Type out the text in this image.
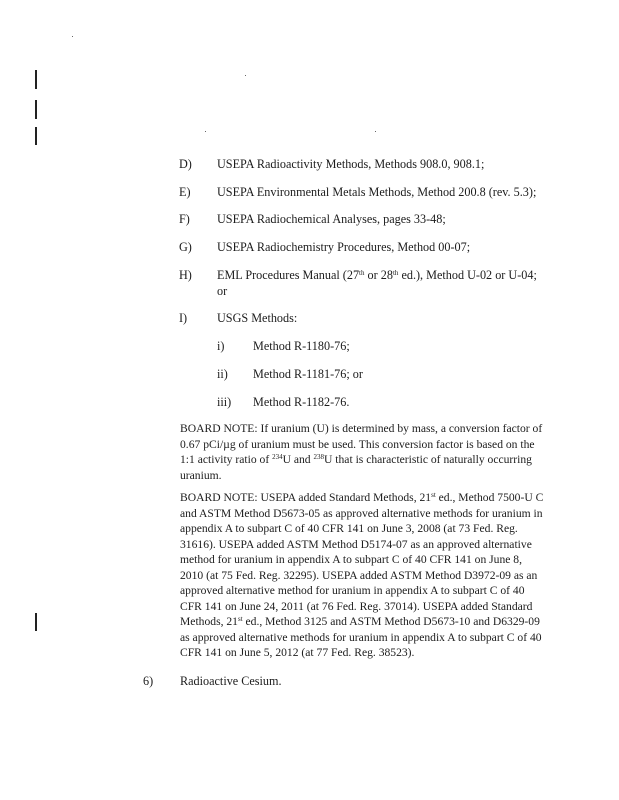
D) USEPA Radioactivity Methods, Methods 908.0, 908.1;
E) USEPA Environmental Metals Methods, Method 200.8 (rev. 5.3);
F) USEPA Radiochemical Analyses, pages 33-48;
G) USEPA Radiochemistry Procedures, Method 00-07;
H) EML Procedures Manual (27th or 28th ed.), Method U-02 or U-04;
or
I) USGS Methods:
i) Method R-1180-76;
ii) Method R-1181-76; or
iii) Method R-1182-76.

BOARD NOTE: If uranium (U) is determined by mass, a conversion factor of 0.67 pCi/µg of uranium must be used. This conversion factor is based on the 1:1 activity ratio of $^{234}$U and $^{238}$U that is characteristic of naturally occurring uranium.

BOARD NOTE: USEPA added Standard Methods, 21st ed., Method 7500-U C and ASTM Method D5673-05 as approved alternative methods for uranium in appendix A to subpart C of 40 CFR 141 on June 3, 2008 (at 73 Fed. Reg. 31616). USEPA added ASTM Method D5174-07 as an approved alternative method for uranium in appendix A to subpart C of 40 CFR 141 on June 8, 2010 (at 75 Fed. Reg. 32295). USEPA added ASTM Method D3972-09 as an approved alternative method for uranium in appendix A to subpart C of 40 CFR 141 on June 24, 2011 (at 76 Fed. Reg. 37014). USEPA added Standard Methods, 21st ed., Method 3125 and ASTM Method D5673-10 and D6329-09 as approved alternative methods for uranium in appendix A to subpart C of 40 CFR 141 on June 5, 2012 (at 77 Fed. Reg. 38523).

6) Radioactive Cesium.
